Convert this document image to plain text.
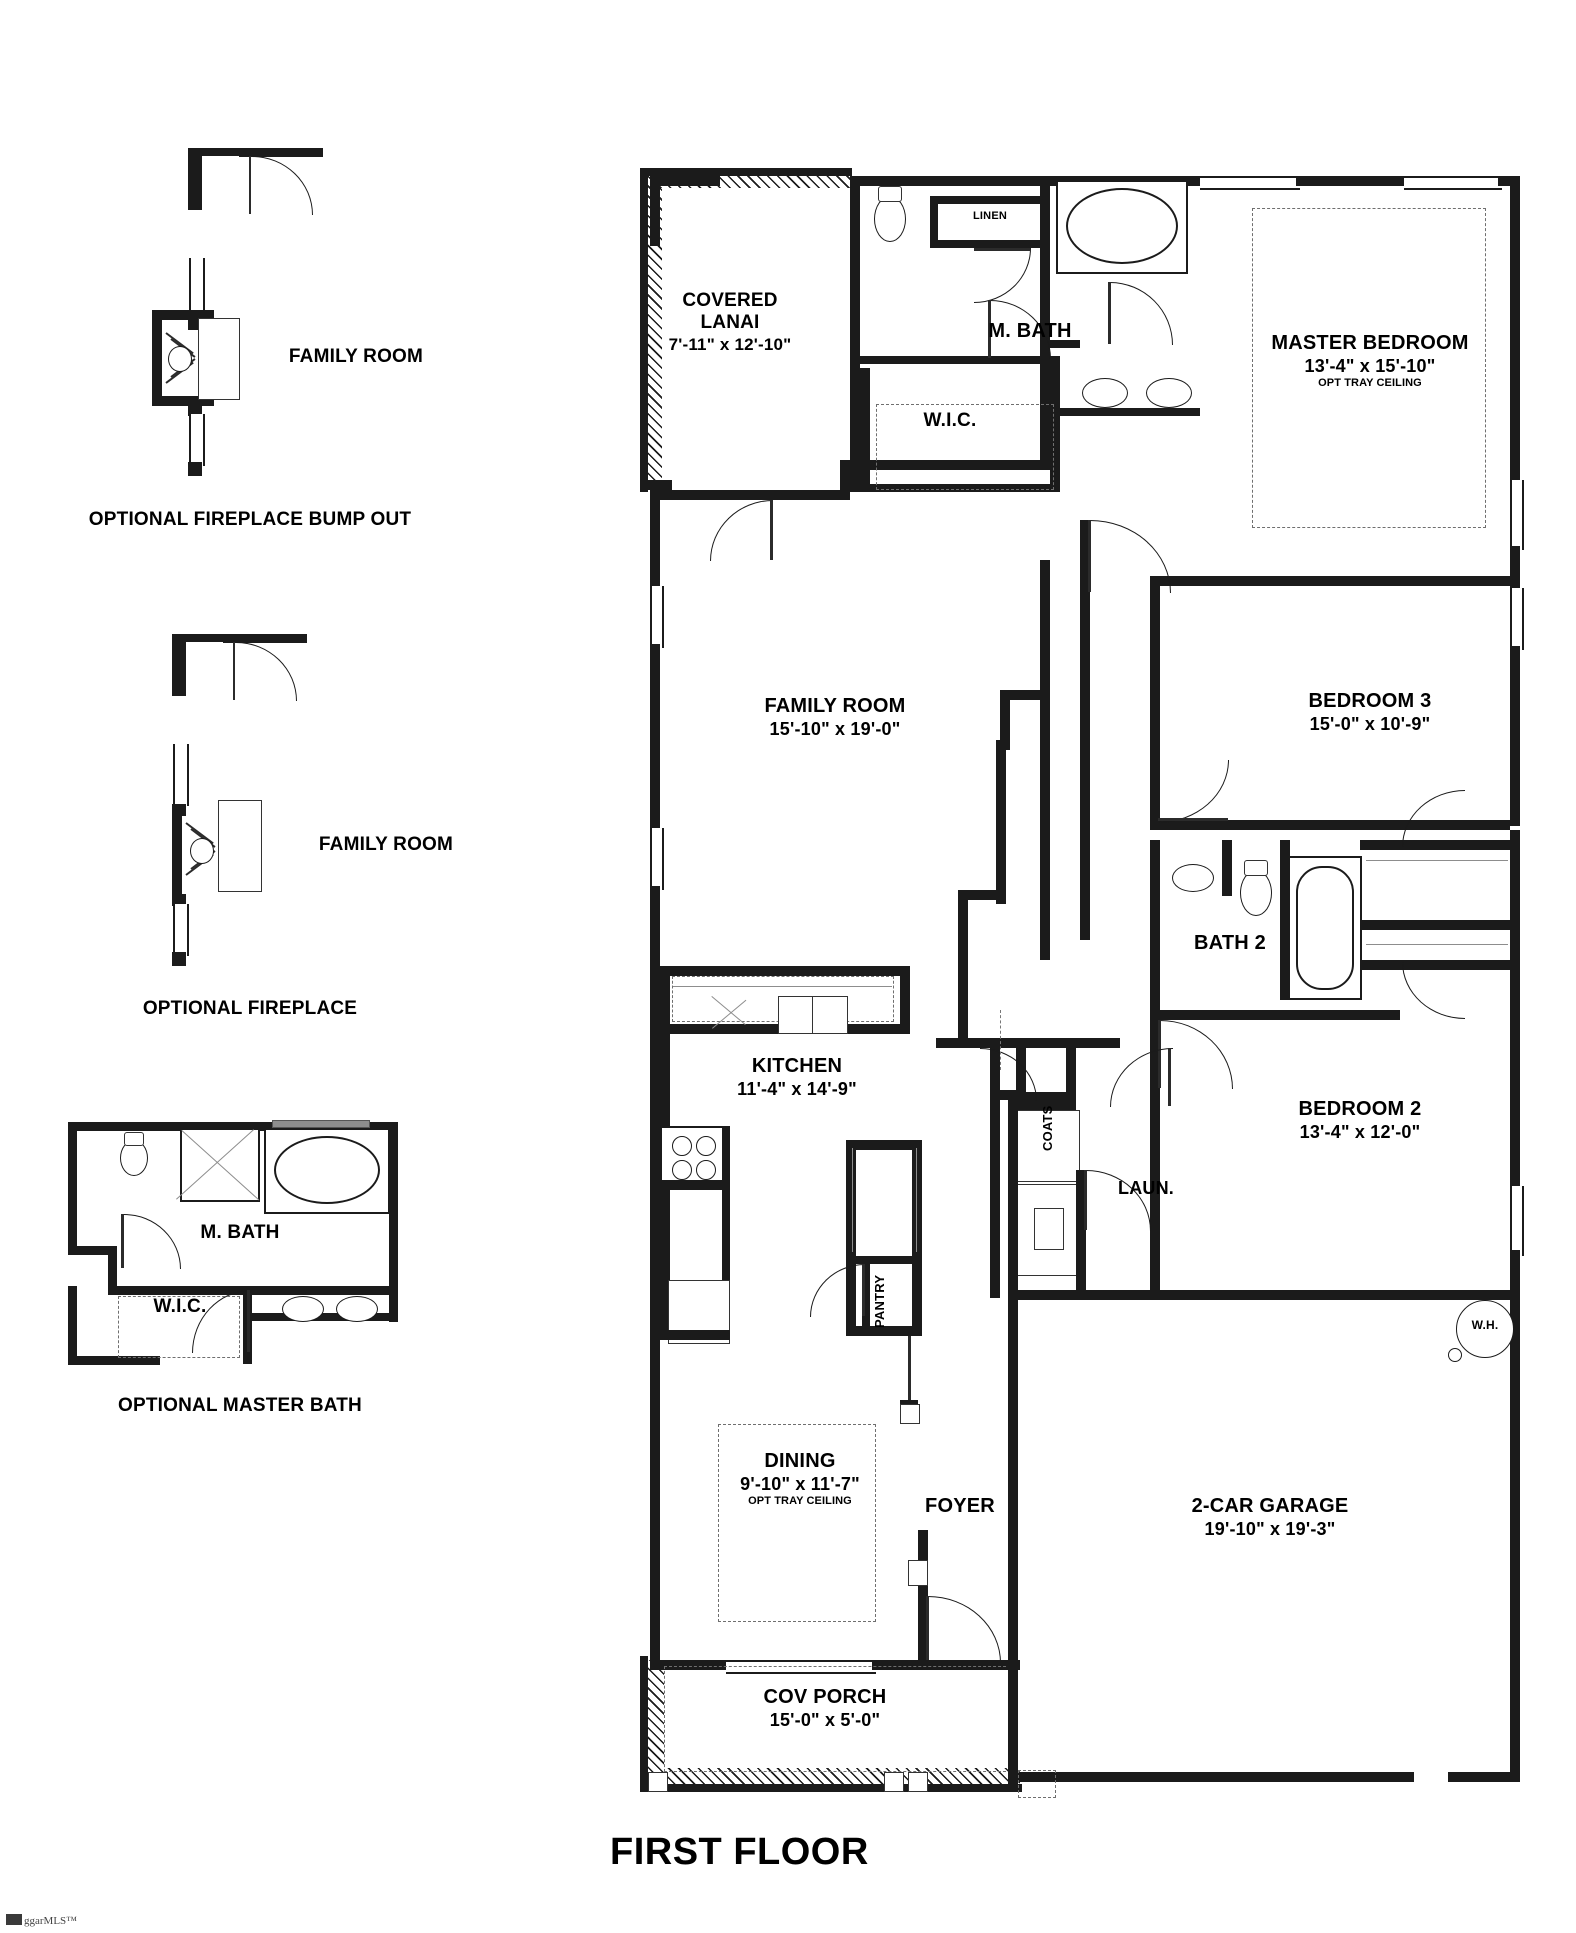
FAMILY ROOM
OPTIONAL FIREPLACE BUMP OUT
FAMILY ROOM
OPTIONAL FIREPLACE
M. BATH
W.I.C.
OPTIONAL MASTER BATH
COVERED
LANAI
7'-11" x 12'-10"
LINEN
M. BATH
W.I.C.
MASTER BEDROOM
13'-4" x 15'-10"
OPT TRAY CEILING
BEDROOM 3
15'-0" x 10'-9"
BATH 2
BEDROOM 2
13'-4" x 12'-0"
FAMILY ROOM
15'-10" x 19'-0"
KITCHEN
11'-4" x 14'-9"
PANTRY
COATS
LAUN.
DINING
9'-10" x 11'-7"
OPT TRAY CEILING	FOYER	2-CAR GARAGE
19'-10" x 19'-3"
COV PORCH
15'-0" x 5'-0"
W.H.
FIRST FLOOR
ggarMLS™
